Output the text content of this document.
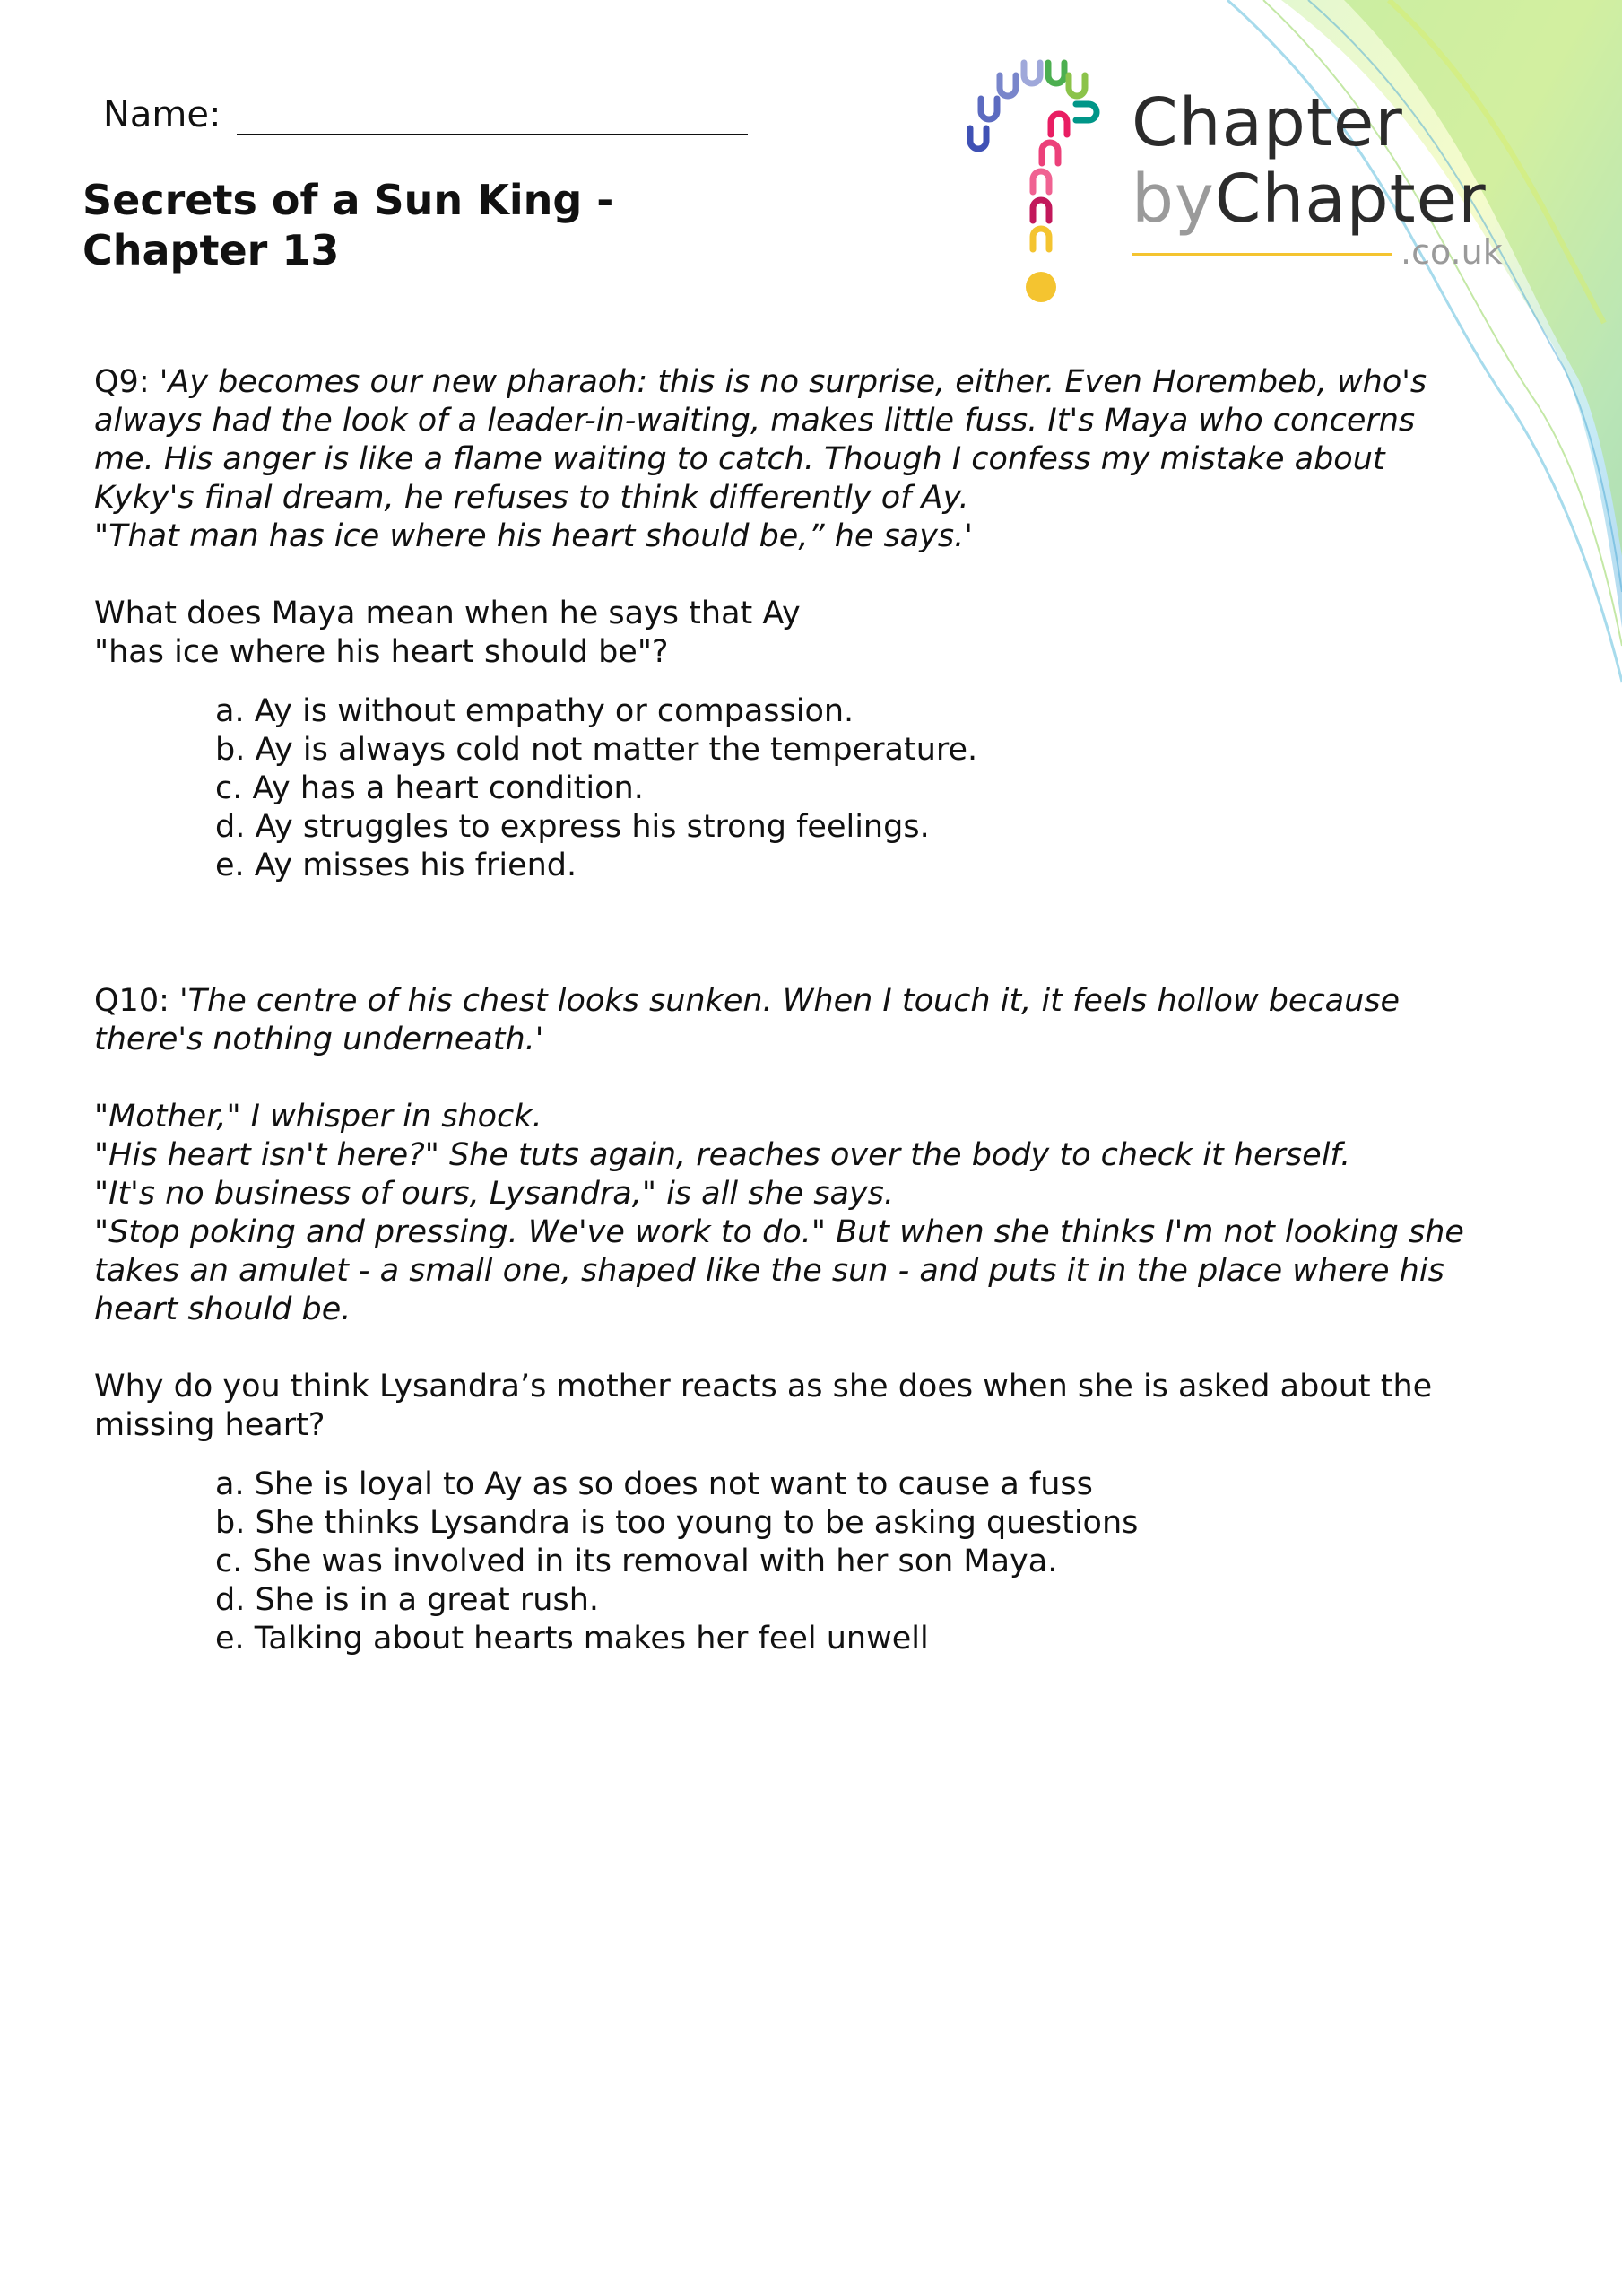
Chapter
byChapter
.co.uk
Name:
Secrets of a Sun King - Chapter 13

Q9: 'Ay becomes our new pharaoh: this is no surprise, either. Even Horembeb, who's
always had the look of a leader-in-waiting, makes little fuss. It's Maya who concerns
me. His anger is like a flame waiting to catch. Though I confess my mistake about
Kyky's final dream, he refuses to think differently of Ay.
"That man has ice where his heart should be,” he says.'

What does Maya mean when he says that Ay
"has ice where his heart should be"?

a. Ay is without empathy or compassion.
b. Ay is always cold not matter the temperature.
c. Ay has a heart condition.
d. Ay struggles to express his strong feelings.
e. Ay misses his friend.

Q10: 'The centre of his chest looks sunken. When I touch it, it feels hollow because
there's nothing underneath.'

"Mother," I whisper in shock.
"His heart isn't here?" She tuts again, reaches over the body to check it herself.
"It's no business of ours, Lysandra," is all she says.
"Stop poking and pressing. We've work to do." But when she thinks I'm not looking she
takes an amulet - a small one, shaped like the sun - and puts it in the place where his
heart should be.

Why do you think Lysandra’s mother reacts as she does when she is asked about the
missing heart?

a. She is loyal to Ay as so does not want to cause a fuss
b. She thinks Lysandra is too young to be asking questions
c. She was involved in its removal with her son Maya.
d. She is in a great rush.
e. Talking about hearts makes her feel unwell
